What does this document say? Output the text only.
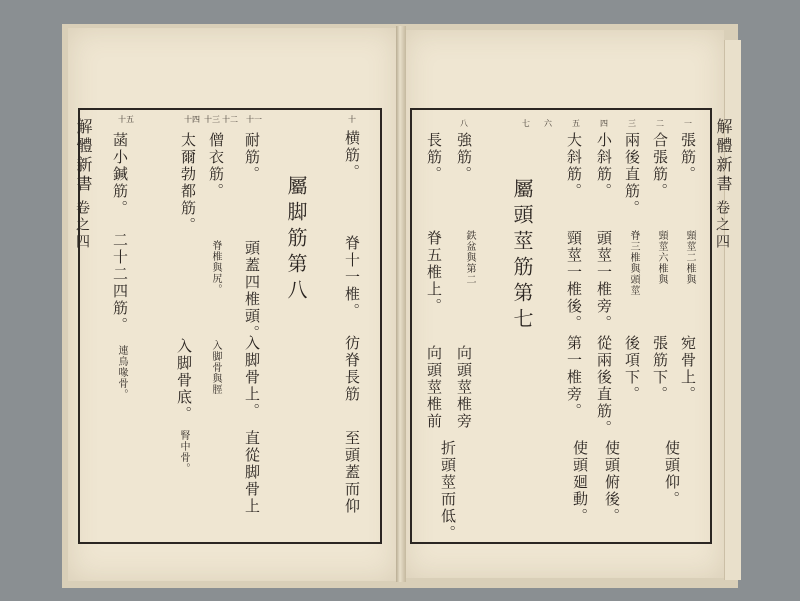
解體新書
卷之四
横筋。
脊十一椎。
彷脊長筋
至頭蓋而仰
屬脚筋第八
耐筋。
頭蓋四椎頭。
入脚骨上。
直從脚骨上
僧衣筋。
脊椎與尻。
入脚骨與脛
太爾勃都筋。
入脚骨底。
腎中骨。
菡小鍼筋。
二十二四筋。
連鳥喙骨。
十
十一
十二
十三
十四
十五	解體新書
卷之四
張筋。
頸莖二椎與
宛骨上。
合張筋。
頸莖六椎與
張筋下。
兩後直筋。
脊三椎與頭莖
後項下。
小斜筋。
頭莖一椎旁。
從兩後直筋。
大斜筋。
頸莖一椎後。
第一椎旁。
屬頭莖筋第七
強筋。
鉄盆與第二
向頭莖椎旁
長筋。
脊五椎上。
向頭莖椎前
使頭仰。
使頭俯後。
使頭廻動。
折頭莖而低。
一
二
三
四
五
六
七
八
